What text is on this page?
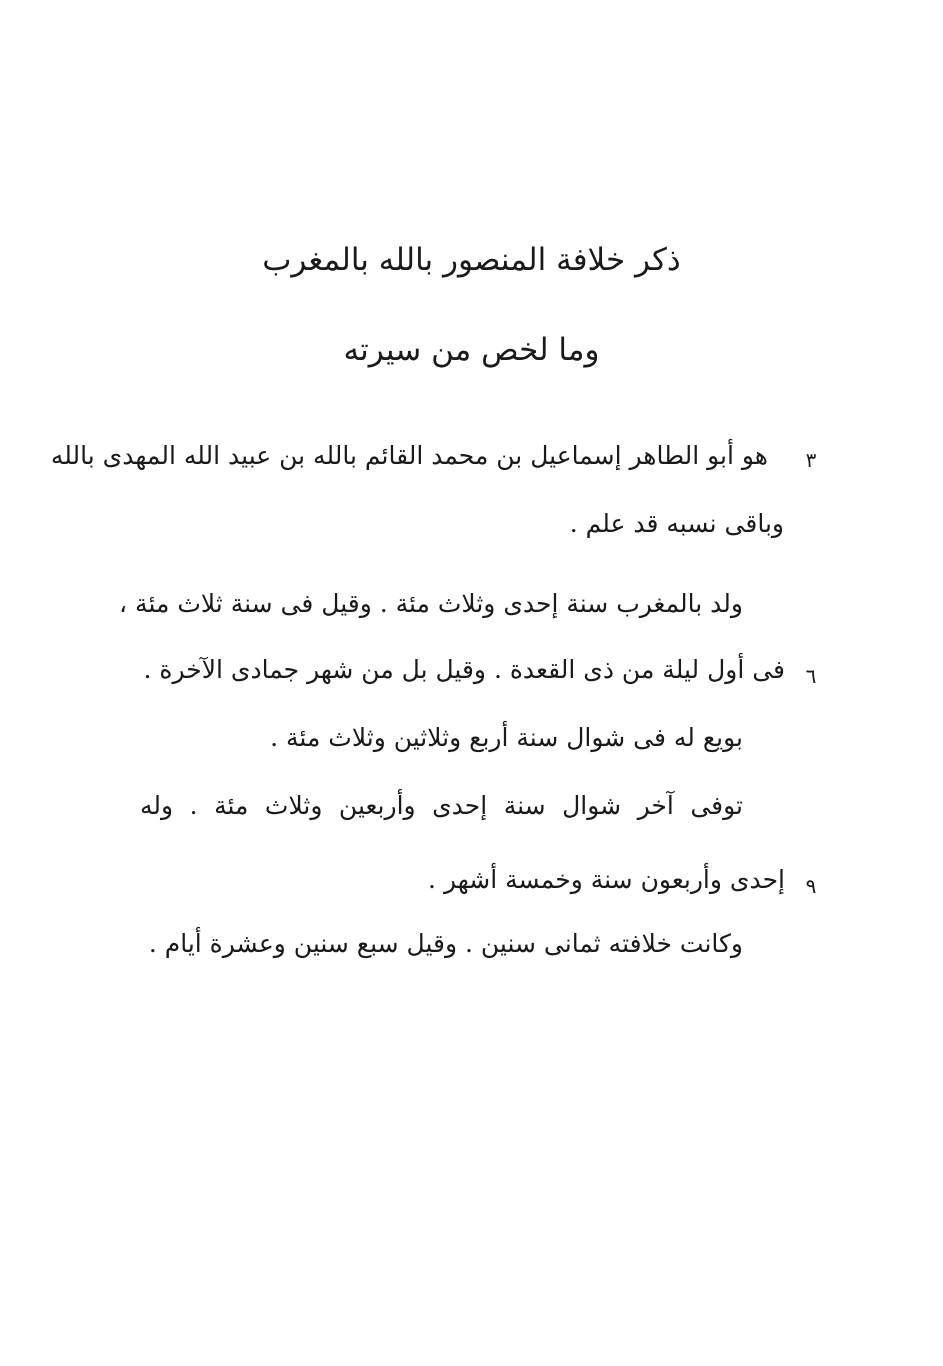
ذكر خلافة المنصور بالله بالمغرب
وما لخص من سيرته
٣
هو أبو الطاهر إسماعيل بن محمد القائم بالله بن عبيد الله المهدى بالله
وباقى نسبه قد علم .
ولد بالمغرب سنة إحدى وثلاث مئة . وقيل فى سنة ثلاث مئة ،
٦
فى أول ليلة من ذى القعدة . وقيل بل من شهر جمادى الآخرة .
بويع له فى شوال سنة أربع وثلاثين وثلاث مئة .
توفى آخر شوال سنة إحدى وأربعين وثلاث مئة . وله
٩
إحدى وأربعون سنة وخمسة أشهر .
وكانت خلافته ثمانى سنين . وقيل سبع سنين وعشرة أيام .
